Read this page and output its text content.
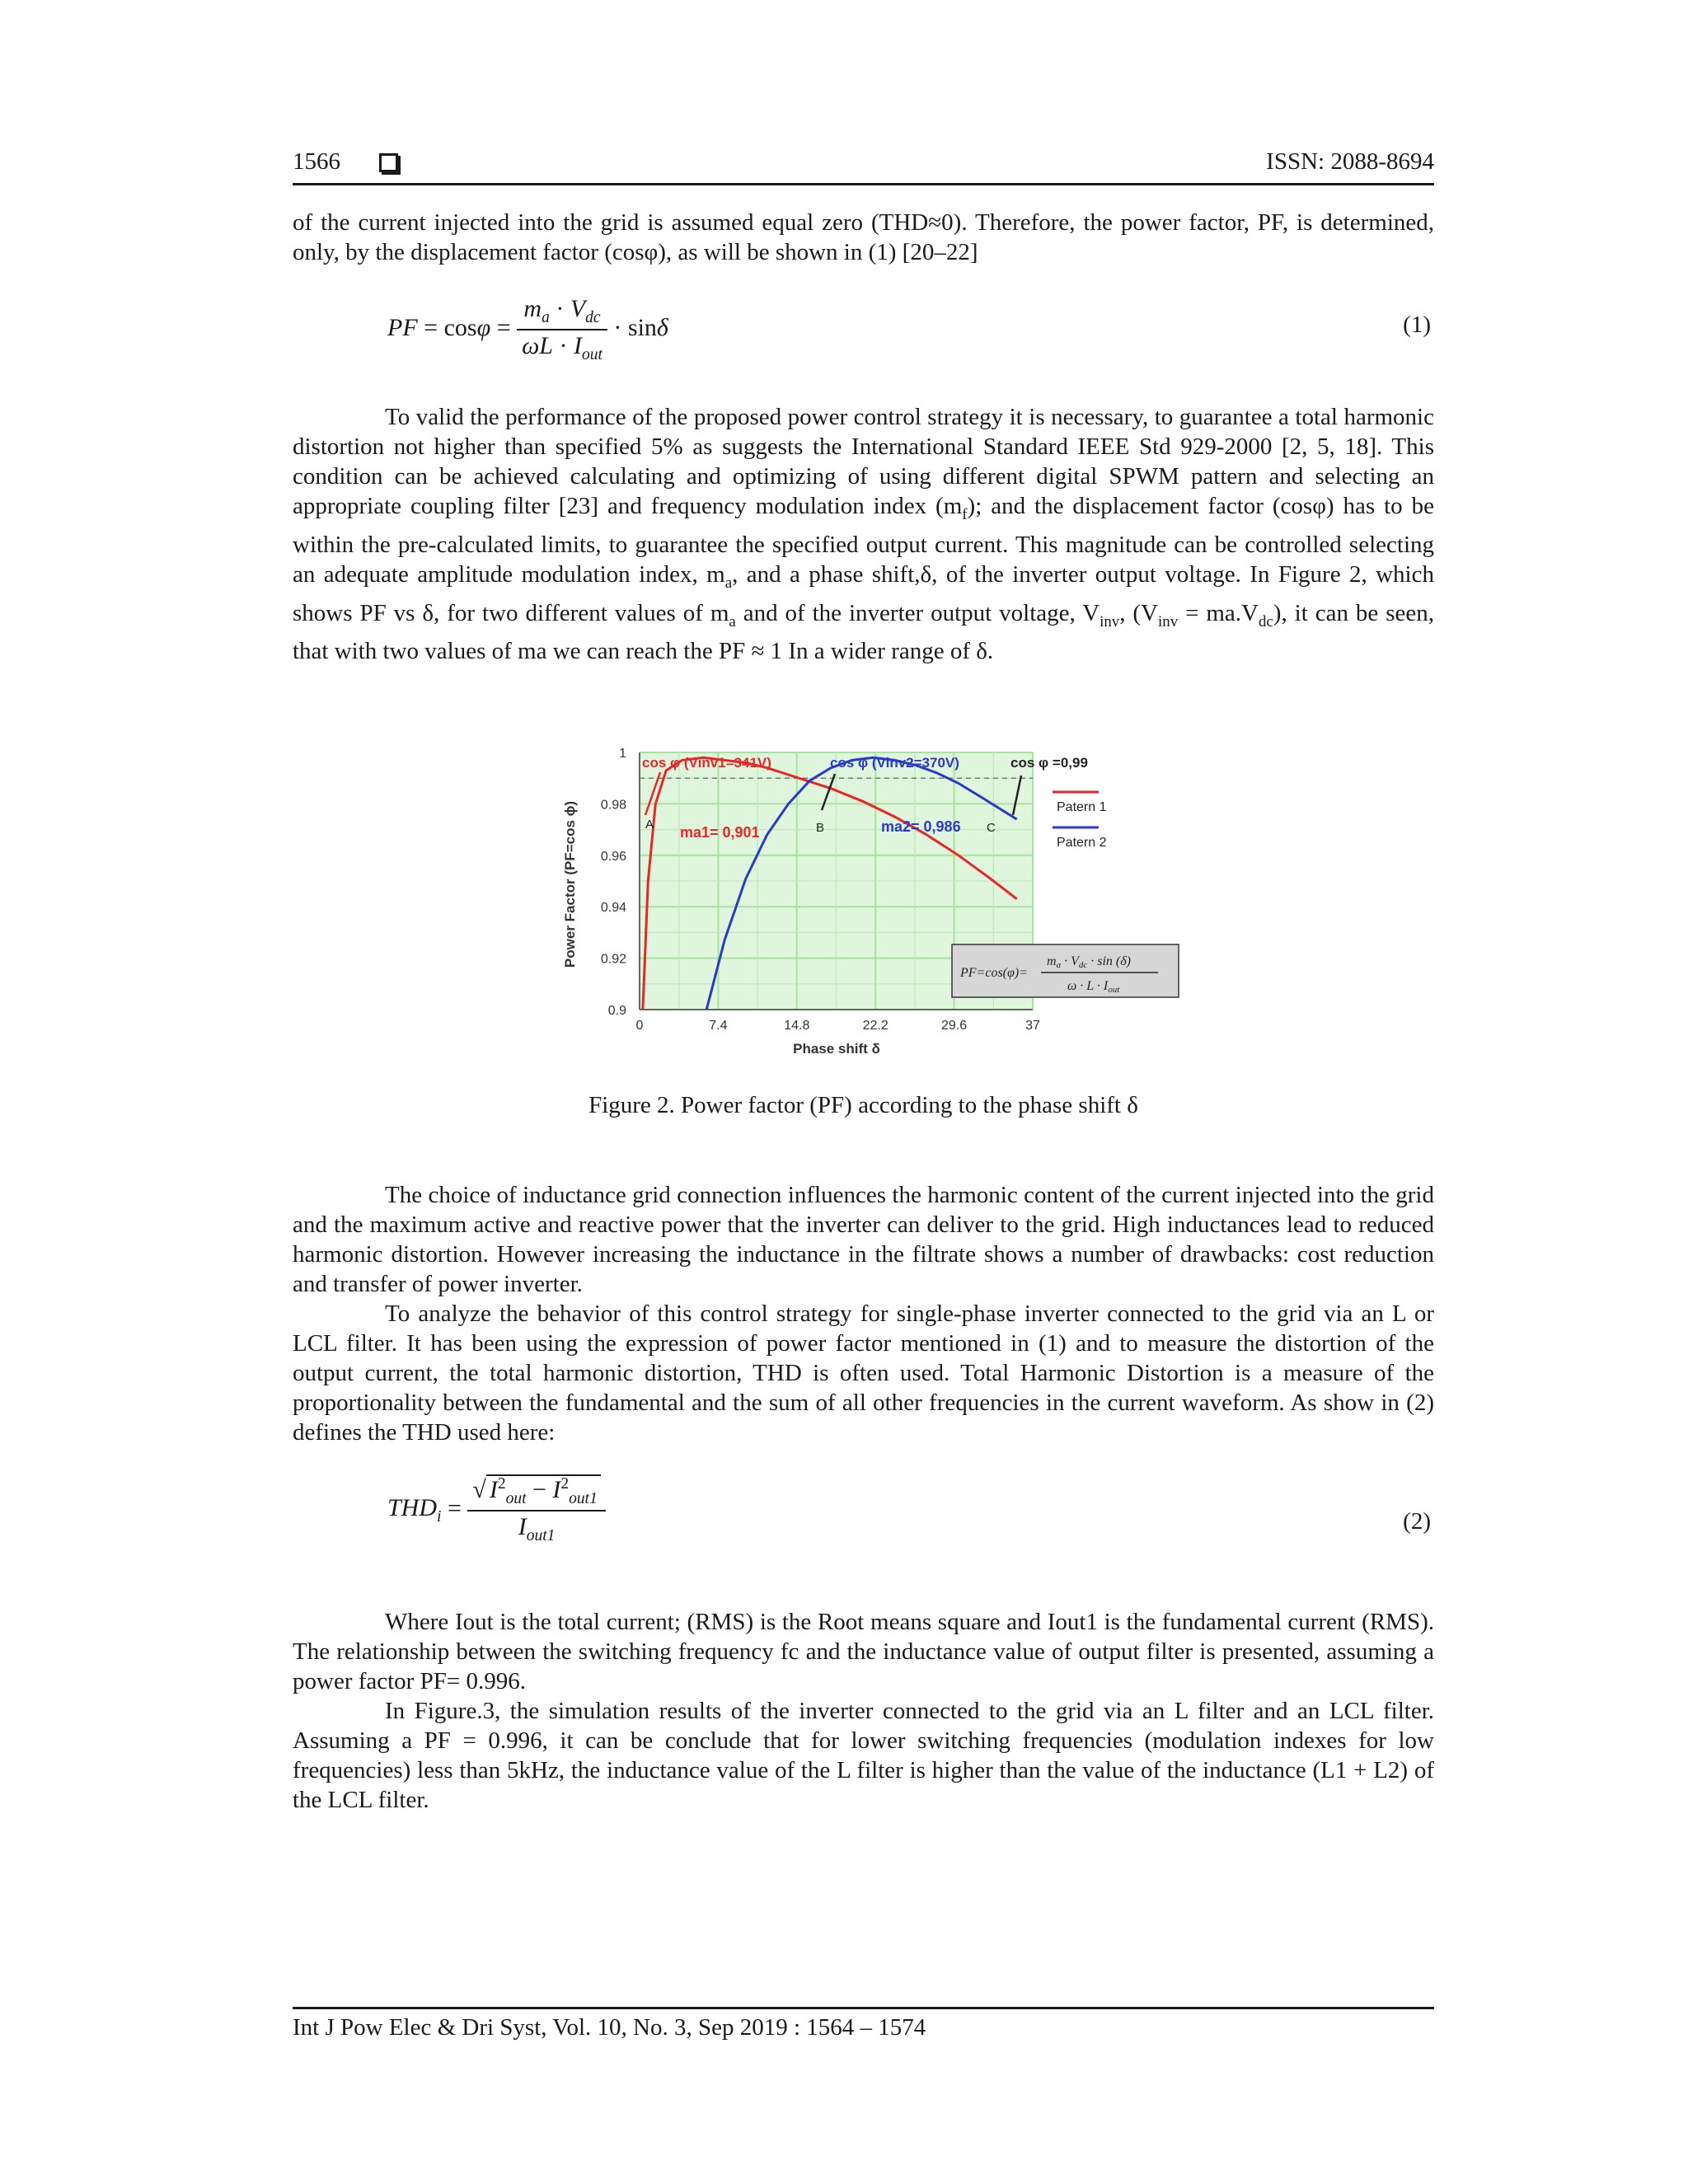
1566	ISSN: 2088-8694

of the current injected into the grid is assumed equal zero (THD≈0). Therefore, the power factor, PF, is determined, only, by the displacement factor (cosφ), as will be shown in (1) [20–22]

PF = $\cos\varphi = \frac{m_a \cdot V_{dc}}{\omega L \cdot I_{out}} \cdot \sin\delta$	(1)

To valid the performance of the proposed power control strategy it is necessary, to guarantee a total harmonic distortion not higher than specified 5% as suggests the International Standard IEEE Std 929-2000 [2, 5, 18]. This condition can be achieved calculating and optimizing of using different digital SPWM pattern and selecting an appropriate coupling filter [23] and frequency modulation index $(m_f)$; and the displacement factor (cosφ) has to be within the pre-calculated limits, to guarantee the specified output current. This magnitude can be controlled selecting an adequate amplitude modulation index, $m_a$, and a phase shift,δ, of the inverter output voltage. In Figure 2, which shows PF vs δ, for two different values of $m_a$ and of the inverter output voltage, $V_{inv}$, $(V_{inv} = ma.V_{dc})$, it can be seen, that with two values of ma we can reach the PF ≈ 1 In a wider range of δ.

0	7.4	14.8	22.2	29.6	37
0.9
0.92
0.94
0.96
0.98
1
Power Factor (PF=cos ϕ)
Phase shift δ
cos φ (Vinv1=341V)	cos φ (Vinv2=370V)	cos φ =0,99
ma1= 0,901	ma2= 0,986
A	B	C
Patern 1
Patern 2
PF=cos(φ)=
ma · Vdc · sin (δ)
ω · L · Iout
Figure 2. Power factor (PF) according to the phase shift δ

The choice of inductance grid connection influences the harmonic content of the current injected into the grid and the maximum active and reactive power that the inverter can deliver to the grid. High inductances lead to reduced harmonic distortion. However increasing the inductance in the filtrate shows a number of drawbacks: cost reduction and transfer of power inverter.

To analyze the behavior of this control strategy for single-phase inverter connected to the grid via an L or LCL filter. It has been using the expression of power factor mentioned in (1) and to measure the distortion of the output current, the total harmonic distortion, THD is often used. Total Harmonic Distortion is a measure of the proportionality between the fundamental and the sum of all other frequencies in the current waveform. As show in (2) defines the THD used here:

$THD_i = \frac{√ I^2_{out} - I^2_{out1}}{I_{out1}}$	(2)

Where Iout is the total current; (RMS) is the Root means square and Iout1 is the fundamental current (RMS). The relationship between the switching frequency fc and the inductance value of output filter is presented, assuming a power factor PF= 0.996.

In Figure.3, the simulation results of the inverter connected to the grid via an L filter and an LCL filter. Assuming a PF = 0.996, it can be conclude that for lower switching frequencies (modulation indexes for low frequencies) less than 5kHz, the inductance value of the L filter is higher than the value of the inductance (L1 + L2) of the LCL filter.

Int J Pow Elec & Dri Syst, Vol. 10, No. 3, Sep 2019 : 1564 – 1574
